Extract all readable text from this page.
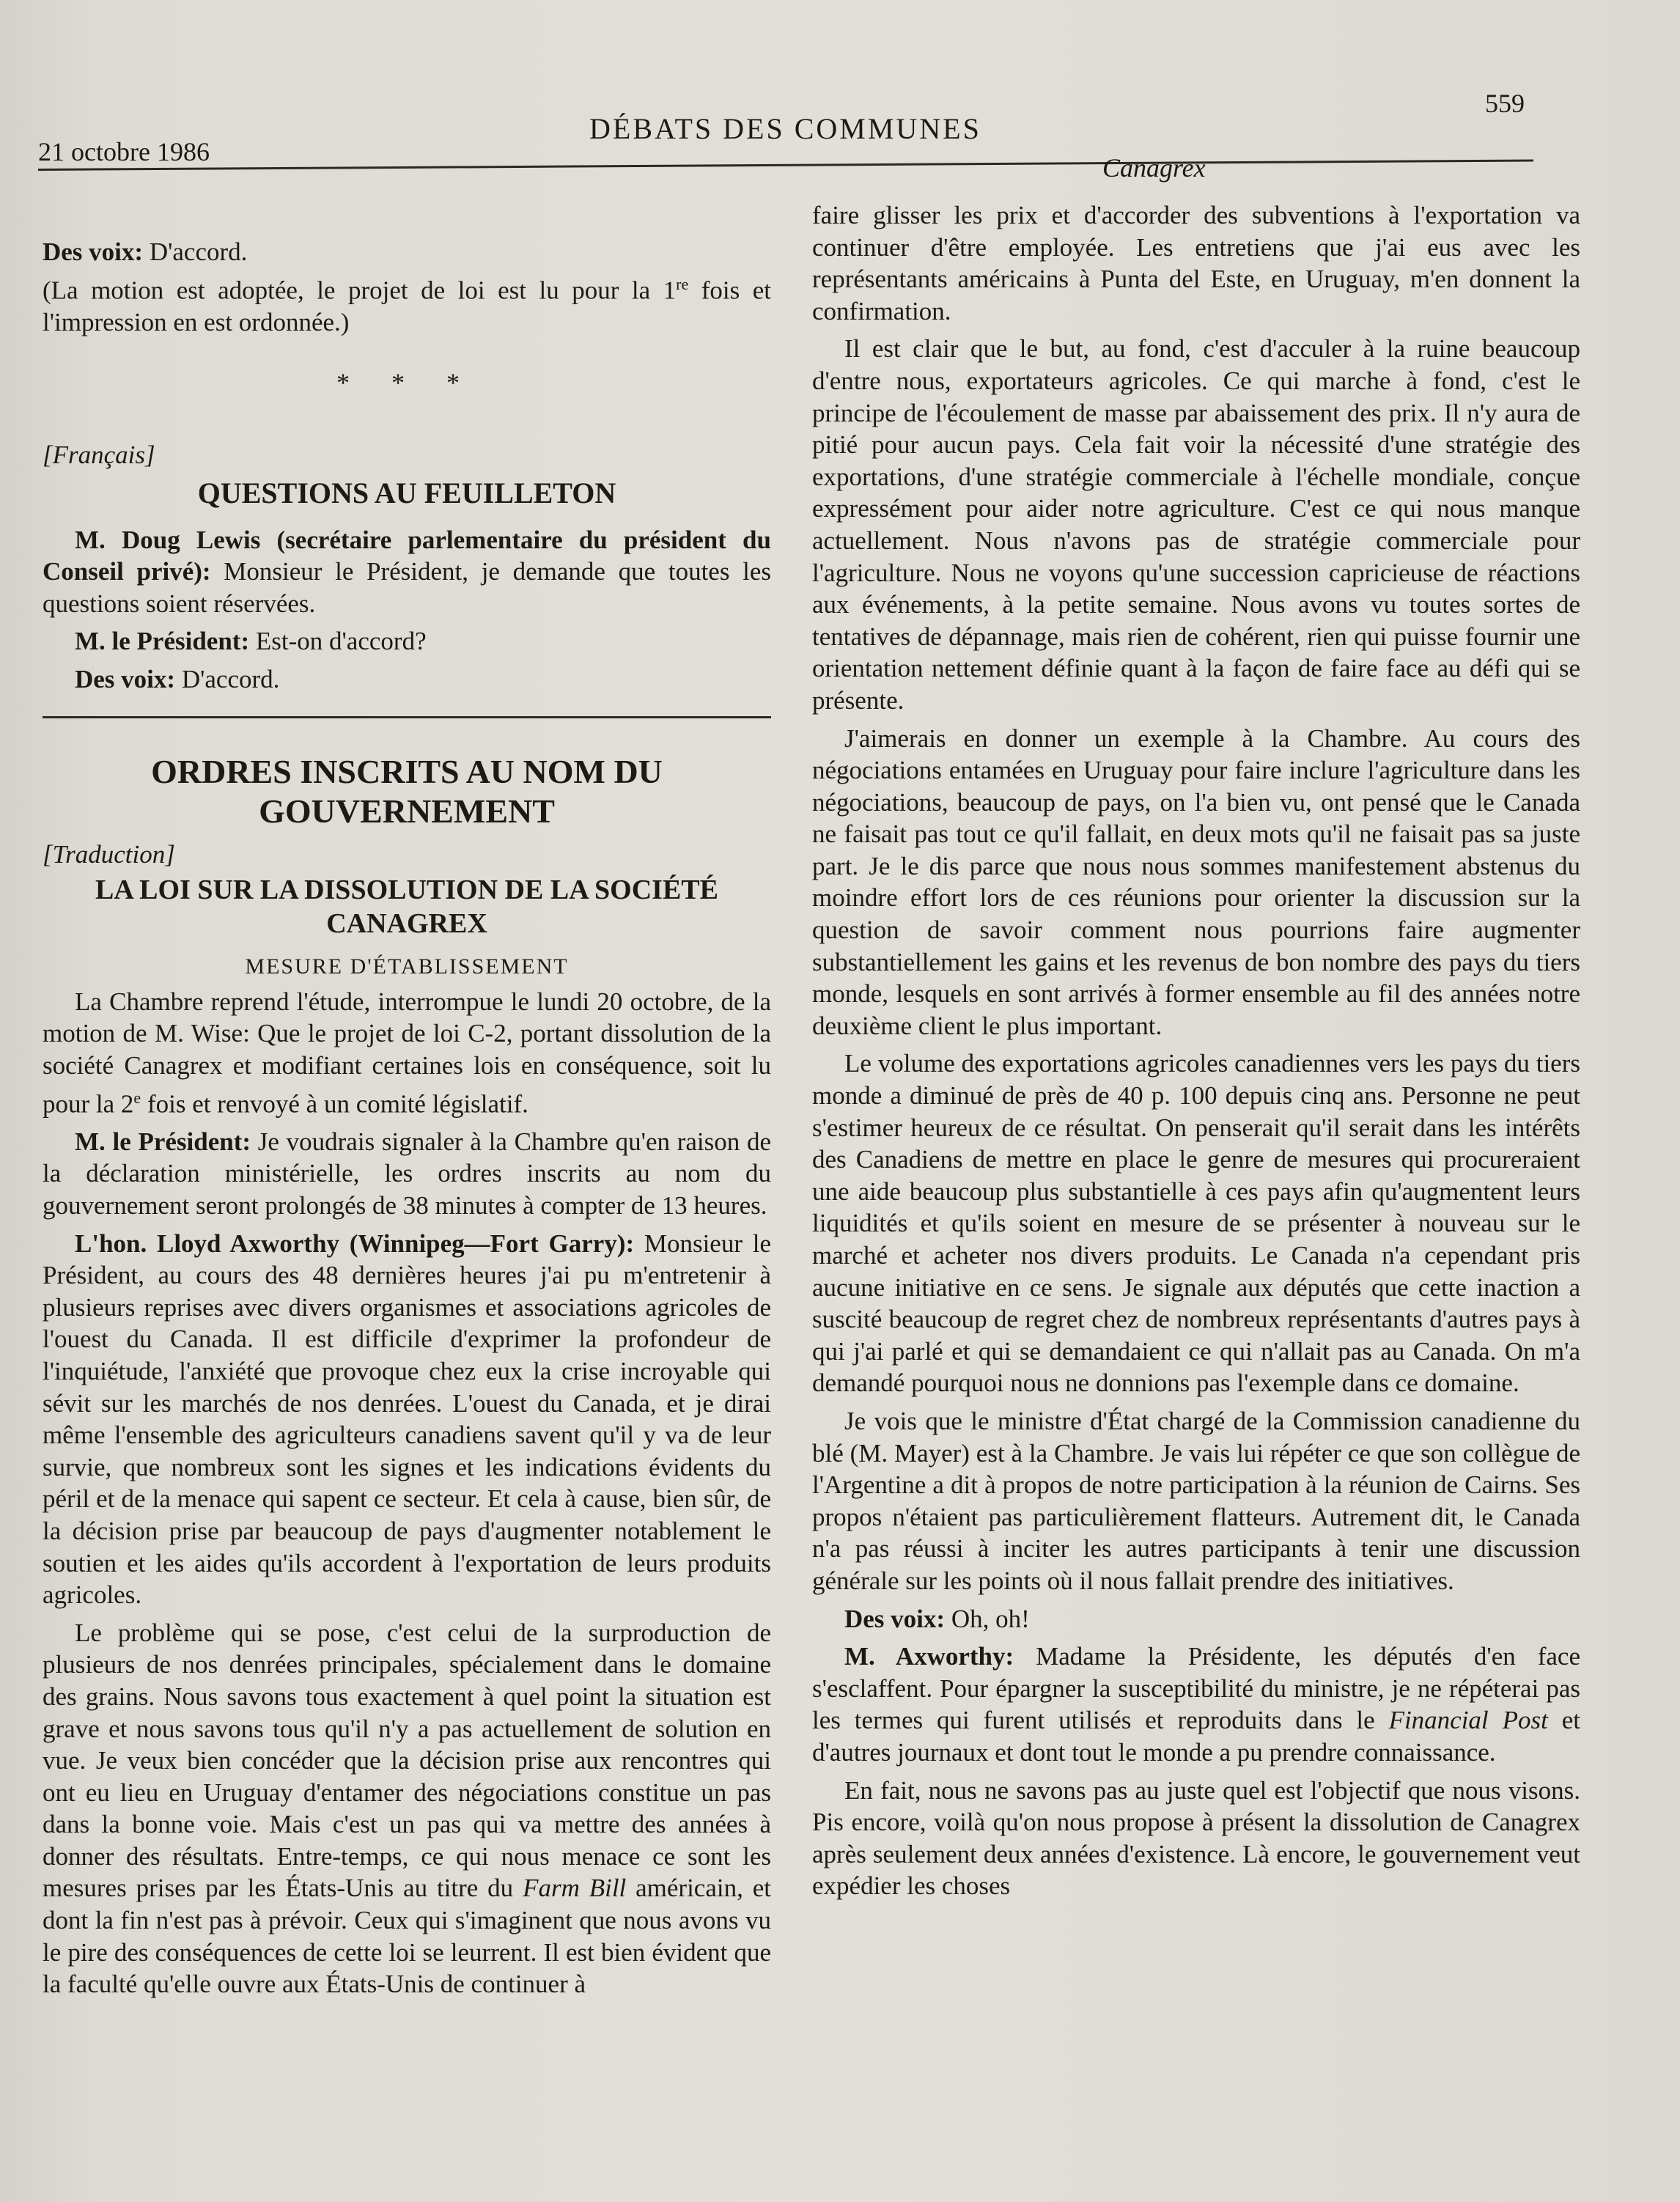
21 octobre 1986
DÉBATS DES COMMUNES
559
Canagrex

Des voix: D'accord.

(La motion est adoptée, le projet de loi est lu pour la 1re fois et l'impression en est ordonnée.)

* * *
[Français]
QUESTIONS AU FEUILLETON

M. Doug Lewis (secrétaire parlementaire du président du Conseil privé): Monsieur le Président, je demande que toutes les questions soient réservées.

M. le Président: Est-on d'accord?

Des voix: D'accord.

ORDRES INSCRITS AU NOM DU GOUVERNEMENT
[Traduction]
LA LOI SUR LA DISSOLUTION DE LA SOCIÉTÉ CANAGREX
MESURE D'ÉTABLISSEMENT

La Chambre reprend l'étude, interrompue le lundi 20 octobre, de la motion de M. Wise: Que le projet de loi C-2, portant dissolution de la société Canagrex et modifiant certaines lois en conséquence, soit lu pour la 2e fois et renvoyé à un comité législatif.

M. le Président: Je voudrais signaler à la Chambre qu'en raison de la déclaration ministérielle, les ordres inscrits au nom du gouvernement seront prolongés de 38 minutes à compter de 13 heures.

L'hon. Lloyd Axworthy (Winnipeg—Fort Garry): Monsieur le Président, au cours des 48 dernières heures j'ai pu m'entretenir à plusieurs reprises avec divers organismes et associations agricoles de l'ouest du Canada. Il est difficile d'exprimer la profondeur de l'inquiétude, l'anxiété que provoque chez eux la crise incroyable qui sévit sur les marchés de nos denrées. L'ouest du Canada, et je dirai même l'ensemble des agriculteurs canadiens savent qu'il y va de leur survie, que nombreux sont les signes et les indications évidents du péril et de la menace qui sapent ce secteur. Et cela à cause, bien sûr, de la décision prise par beaucoup de pays d'augmenter notablement le soutien et les aides qu'ils accordent à l'exportation de leurs produits agricoles.

Le problème qui se pose, c'est celui de la surproduction de plusieurs de nos denrées principales, spécialement dans le domaine des grains. Nous savons tous exactement à quel point la situation est grave et nous savons tous qu'il n'y a pas actuellement de solution en vue. Je veux bien concéder que la décision prise aux rencontres qui ont eu lieu en Uruguay d'entamer des négociations constitue un pas dans la bonne voie. Mais c'est un pas qui va mettre des années à donner des résultats. Entre-temps, ce qui nous menace ce sont les mesures prises par les États-Unis au titre du Farm Bill américain, et dont la fin n'est pas à prévoir. Ceux qui s'imaginent que nous avons vu le pire des conséquences de cette loi se leurrent. Il est bien évident que la faculté qu'elle ouvre aux États-Unis de continuer à

faire glisser les prix et d'accorder des subventions à l'exportation va continuer d'être employée. Les entretiens que j'ai eus avec les représentants américains à Punta del Este, en Uruguay, m'en donnent la confirmation.

Il est clair que le but, au fond, c'est d'acculer à la ruine beaucoup d'entre nous, exportateurs agricoles. Ce qui marche à fond, c'est le principe de l'écoulement de masse par abaissement des prix. Il n'y aura de pitié pour aucun pays. Cela fait voir la nécessité d'une stratégie des exportations, d'une stratégie commerciale à l'échelle mondiale, conçue expressément pour aider notre agriculture. C'est ce qui nous manque actuellement. Nous n'avons pas de stratégie commerciale pour l'agriculture. Nous ne voyons qu'une succession capricieuse de réactions aux événements, à la petite semaine. Nous avons vu toutes sortes de tentatives de dépannage, mais rien de cohérent, rien qui puisse fournir une orientation nettement définie quant à la façon de faire face au défi qui se présente.

J'aimerais en donner un exemple à la Chambre. Au cours des négociations entamées en Uruguay pour faire inclure l'agriculture dans les négociations, beaucoup de pays, on l'a bien vu, ont pensé que le Canada ne faisait pas tout ce qu'il fallait, en deux mots qu'il ne faisait pas sa juste part. Je le dis parce que nous nous sommes manifestement abstenus du moindre effort lors de ces réunions pour orienter la discussion sur la question de savoir comment nous pourrions faire augmenter substantiellement les gains et les revenus de bon nombre des pays du tiers monde, lesquels en sont arrivés à former ensemble au fil des années notre deuxième client le plus important.

Le volume des exportations agricoles canadiennes vers les pays du tiers monde a diminué de près de 40 p. 100 depuis cinq ans. Personne ne peut s'estimer heureux de ce résultat. On penserait qu'il serait dans les intérêts des Canadiens de mettre en place le genre de mesures qui procureraient une aide beaucoup plus substantielle à ces pays afin qu'augmentent leurs liquidités et qu'ils soient en mesure de se présenter à nouveau sur le marché et acheter nos divers produits. Le Canada n'a cependant pris aucune initiative en ce sens. Je signale aux députés que cette inaction a suscité beaucoup de regret chez de nombreux représentants d'autres pays à qui j'ai parlé et qui se demandaient ce qui n'allait pas au Canada. On m'a demandé pourquoi nous ne donnions pas l'exemple dans ce domaine.

Je vois que le ministre d'État chargé de la Commission canadienne du blé (M. Mayer) est à la Chambre. Je vais lui répéter ce que son collègue de l'Argentine a dit à propos de notre participation à la réunion de Cairns. Ses propos n'étaient pas particulièrement flatteurs. Autrement dit, le Canada n'a pas réussi à inciter les autres participants à tenir une discussion générale sur les points où il nous fallait prendre des initiatives.

Des voix: Oh, oh!

M. Axworthy: Madame la Présidente, les députés d'en face s'esclaffent. Pour épargner la susceptibilité du ministre, je ne répéterai pas les termes qui furent utilisés et reproduits dans le Financial Post et d'autres journaux et dont tout le monde a pu prendre connaissance.

En fait, nous ne savons pas au juste quel est l'objectif que nous visons. Pis encore, voilà qu'on nous propose à présent la dissolution de Canagrex après seulement deux années d'existence. Là encore, le gouvernement veut expédier les choses
